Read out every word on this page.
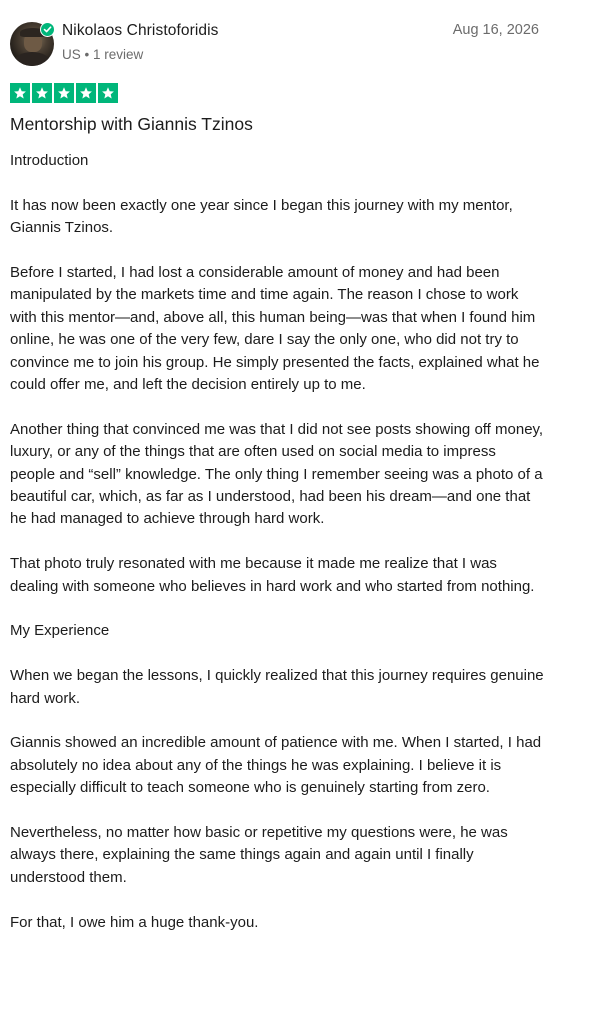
Nikolaos Christoforidis
US • 1 review
Aug 16, 2026
Mentorship with Giannis Tzinos

Introduction

It has now been exactly one year since I began this journey with my mentor, Giannis Tzinos.

Before I started, I had lost a considerable amount of money and had been manipulated by the markets time and time again. The reason I chose to work with this mentor—and, above all, this human being—was that when I found him online, he was one of the very few, dare I say the only one, who did not try to convince me to join his group. He simply presented the facts, explained what he could offer me, and left the decision entirely up to me.

Another thing that convinced me was that I did not see posts showing off money, luxury, or any of the things that are often used on social media to impress people and “sell” knowledge. The only thing I remember seeing was a photo of a beautiful car, which, as far as I understood, had been his dream—and one that he had managed to achieve through hard work.

That photo truly resonated with me because it made me realize that I was dealing with someone who believes in hard work and who started from nothing.

My Experience

When we began the lessons, I quickly realized that this journey requires genuine hard work.

Giannis showed an incredible amount of patience with me. When I started, I had absolutely no idea about any of the things he was explaining. I believe it is especially difficult to teach someone who is genuinely starting from zero.

Nevertheless, no matter how basic or repetitive my questions were, he was always there, explaining the same things again and again until I finally understood them.

For that, I owe him a huge thank-you.
